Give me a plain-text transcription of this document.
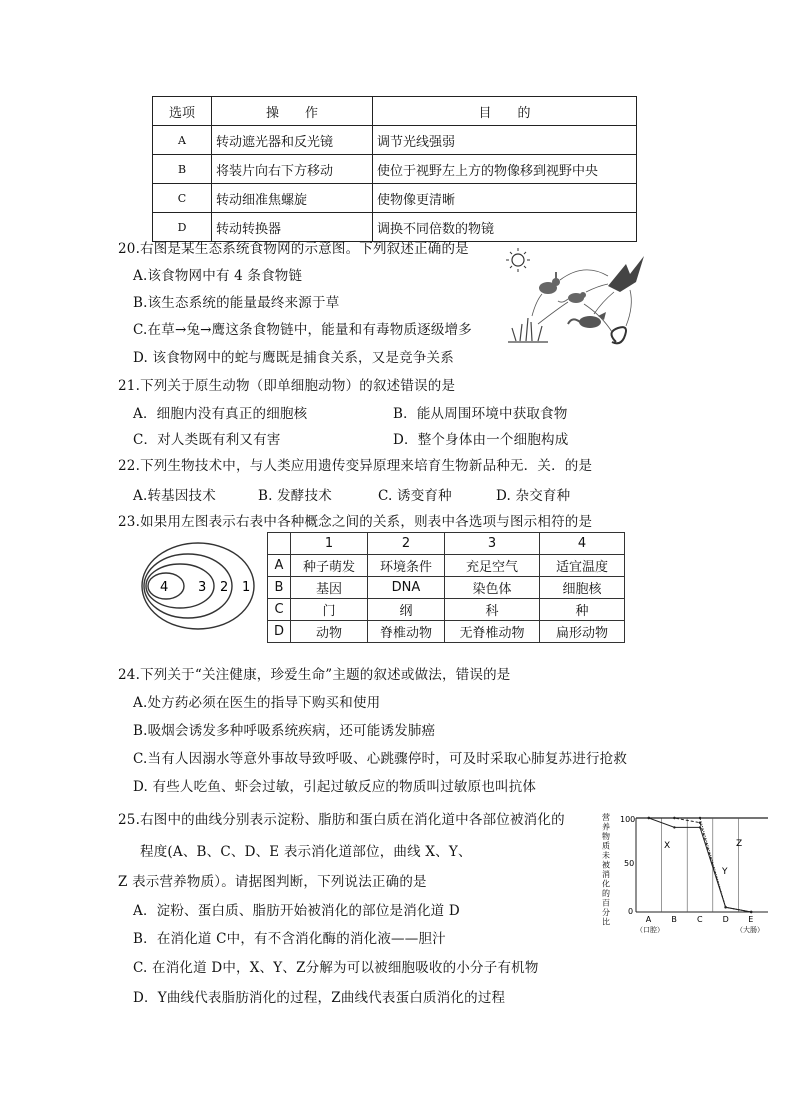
选项	操　　作	目　　的
A	转动遮光器和反光镜	调节光线强弱
B	将装片向右下方移动	使位于视野左上方的物像移到视野中央
C	转动细准焦螺旋	使物像更清晰
D	转动转换器	调换不同倍数的物镜
20.右图是某生态系统食物网的示意图。下列叙述正确的是
A.该食物网中有 4 条食物链
B.该生态系统的能量最终来源于草
C.在草→兔→鹰这条食物链中，能量和有毒物质逐级增多
D. 该食物网中的蛇与鹰既是捕食关系，又是竞争关系
21.下列关于原生动物（即单细胞动物）的叙述错误的是
A．细胞内没有真正的细胞核	B．能从周围环境中获取食物
C．对人类既有利又有害	D．整个身体由一个细胞构成
22.下列生物技术中，与人类应用遗传变异原理来培育生物新品种无．关．的是
A.转基因技术	B. 发酵技术	C. 诱变育种	D. 杂交育种
23.如果用左图表示右表中各种概念之间的关系，则表中各选项与图示相符的是
4 3 2 1
	1	2	3	4
A	种子萌发	环境条件	充足空气	适宜温度
B	基因	DNA	染色体	细胞核
C	门	纲	科	种
D	动物	脊椎动物	无脊椎动物	扁形动物
24.下列关于“关注健康，珍爱生命”主题的叙述或做法，错误的是
A.处方药必须在医生的指导下购买和使用
B.吸烟会诱发多种呼吸系统疾病，还可能诱发肺癌
C.当有人因溺水等意外事故导致呼吸、心跳骤停时，可及时采取心肺复苏进行抢救
D. 有些人吃鱼、虾会过敏，引起过敏反应的物质叫过敏原也叫抗体
25.右图中的曲线分别表示淀粉、脂肪和蛋白质在消化道中各部位被消化的
程度(A、B、C、D、E 表示消化道部位，曲线 X、Y、
Z 表示营养物质）。请据图判断，下列说法正确的是
A．淀粉、蛋白质、脂肪开始被消化的部位是消化道 D
B．在消化道 C中，有不含消化酶的消化液——胆汁
C. 在消化道 D中，X、Y、Z分解为可以被细胞吸收的小分子有机物
D．Y曲线代表脂肪消化的过程，Z曲线代表蛋白质消化的过程
营
养
物
质
未
被
消
化
的
百
分
比
100
50
0
X
Y
Z
A	B	C	D E
（口腔）	（大肠）
